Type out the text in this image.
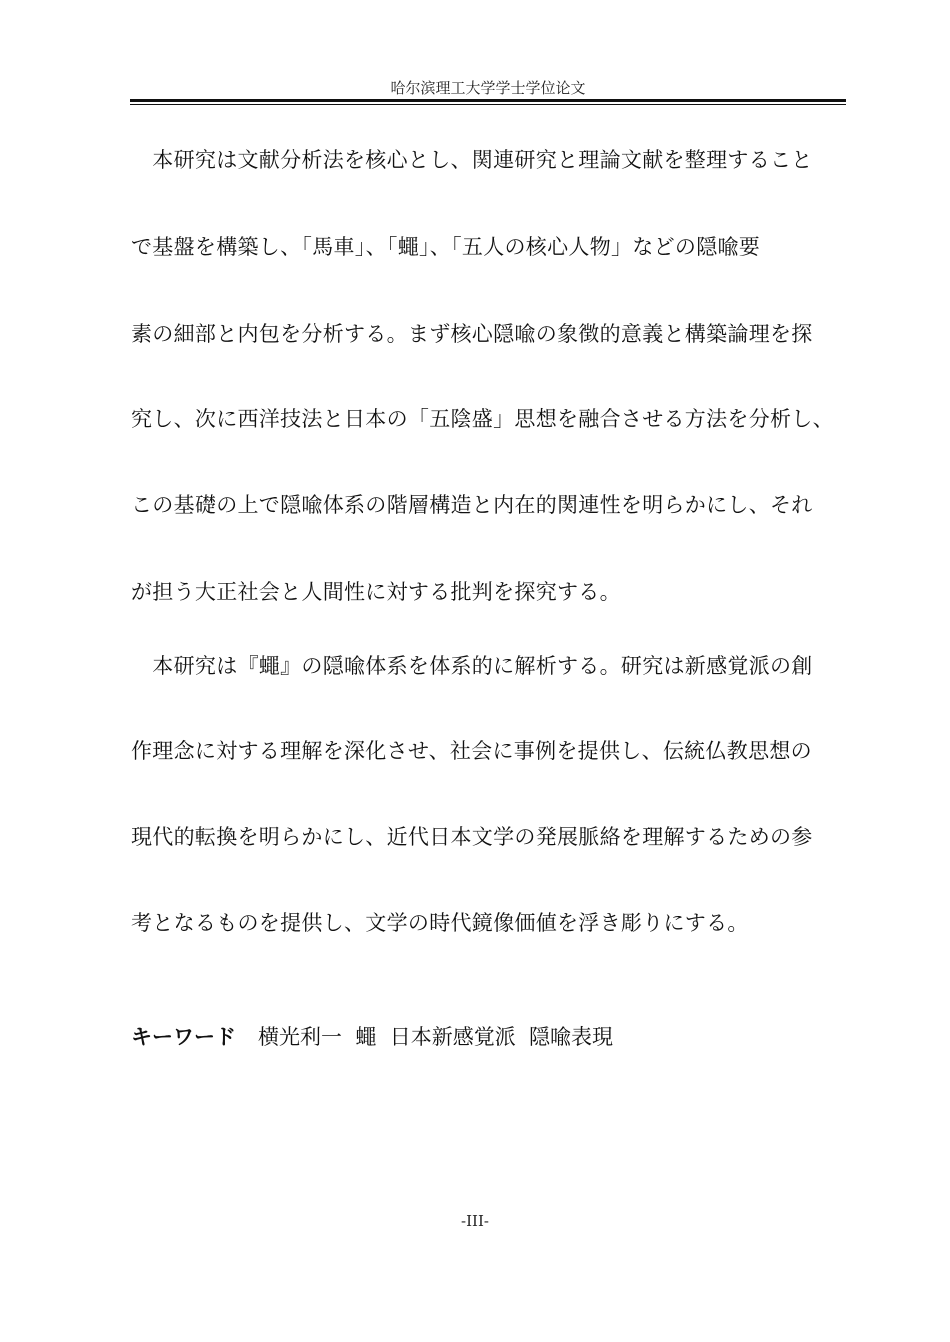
哈尔滨理工大学学士学位论文
　本研究は文献分析法を核心とし、関連研究と理論文献を整理すること
で基盤を構築し、「馬車」、「蠅」、「五人の核心人物」などの隠喩要
素の細部と内包を分析する。まず核心隠喩の象徴的意義と構築論理を探
究し、次に西洋技法と日本の「五陰盛」思想を融合させる方法を分析し、
この基礎の上で隠喩体系の階層構造と内在的関連性を明らかにし、それ
が担う大正社会と人間性に対する批判を探究する。
　本研究は『蠅』の隠喩体系を体系的に解析する。研究は新感覚派の創
作理念に対する理解を深化させ、社会に事例を提供し、伝統仏教思想の
現代的転換を明らかにし、近代日本文学の発展脈絡を理解するための参
考となるものを提供し、文学の時代鏡像価値を浮き彫りにする。
キーワード 横光利一  蠅  日本新感覚派  隠喩表現
-III-
